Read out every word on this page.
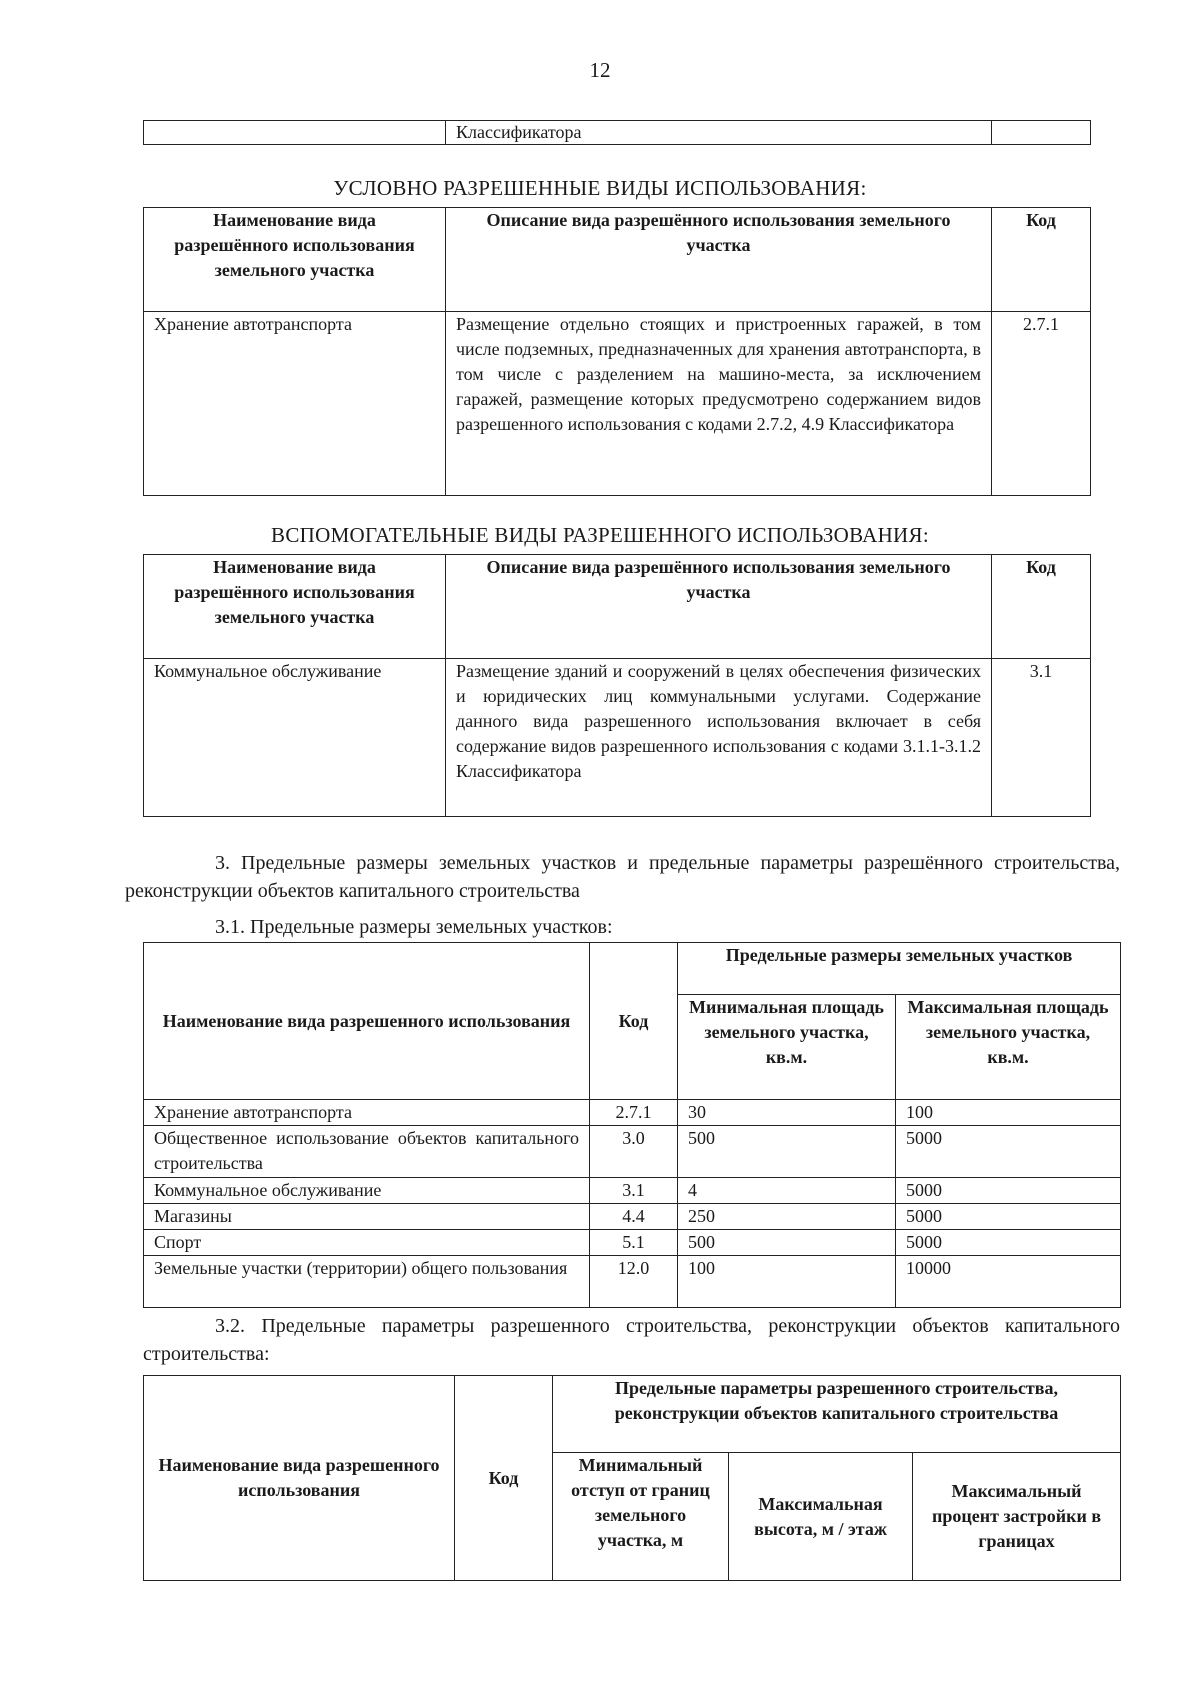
12
	Классификатора	
УСЛОВНО РАЗРЕШЕННЫЕ ВИДЫ ИСПОЛЬЗОВАНИЯ:
Наименование вида разрешённого использования земельного участка	Описание вида разрешённого использования земельного участка	Код
Хранение автотранспорта	Размещение отдельно стоящих и пристроенных гаражей, в том числе подземных, предназначенных для хранения автотранспорта, в том числе с разделением на машино-места, за исключением гаражей, размещение которых предусмотрено содержанием видов разрешенного использования с кодами 2.7.2, 4.9 Классификатора	2.7.1
ВСПОМОГАТЕЛЬНЫЕ ВИДЫ РАЗРЕШЕННОГО ИСПОЛЬЗОВАНИЯ:
Наименование вида разрешённого использования земельного участка	Описание вида разрешённого использования земельного участка	Код
Коммунальное обслуживание	Размещение зданий и сооружений в целях обеспечения физических и юридических лиц коммунальными услугами. Содержание данного вида разрешенного использования включает в себя содержание видов разрешенного использования с кодами 3.1.1-3.1.2 Классификатора	3.1
3. Предельные размеры земельных участков и предельные параметры разрешённого строительства, реконструкции объектов капитального строительства
3.1. Предельные размеры земельных участков:
Наименование вида разрешенного использования	Код	Предельные размеры земельных участков	
		Минимальная площадь земельного участка, кв.м.	Максимальная площадь земельного участка, кв.м.
Хранение автотранспорта	2.7.1	30	100
Общественное использование объектов капитального строительства	3.0	500	5000
Коммунальное обслуживание	3.1	4	5000
Магазины	4.4	250	5000
Спорт	5.1	500	5000
Земельные участки (территории) общего пользования	12.0	100	10000
3.2. Предельные параметры разрешенного строительства, реконструкции объектов капитального строительства:
Наименование вида разрешенного использования	Код	Предельные параметры разрешенного строительства, реконструкции объектов капитального строительства		
		Минимальный отступ от границ земельного участка, м	Максимальная высота, м / этаж	Максимальный процент застройки в границах
